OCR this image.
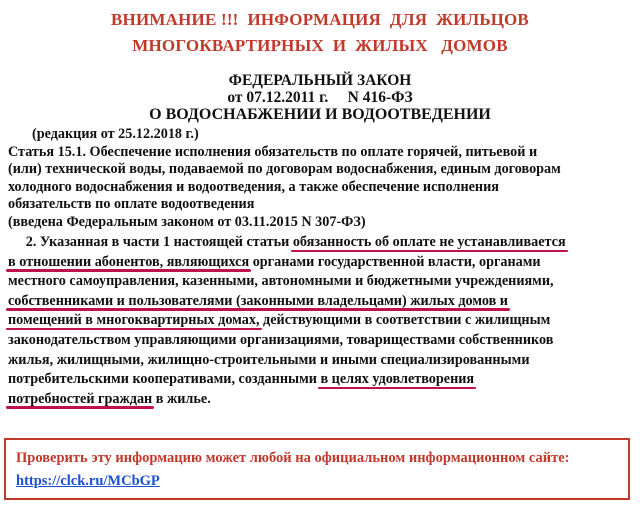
ВНИМАНИЕ !!!  ИНФОРМАЦИЯ  ДЛЯ  ЖИЛЬЦОВ
МНОГОКВАРТИРНЫХ  И  ЖИЛЫХ   ДОМОВ
ФЕДЕРАЛЬНЫЙ ЗАКОН
от 07.12.2011 г.     N 416-ФЗ
О ВОДОСНАБЖЕНИИ И ВОДООТВЕДЕНИИ
(редакция от 25.12.2018 г.)
Статья 15.1. Обеспечение исполнения обязательств по оплате горячей, питьевой и
(или) технической воды, подаваемой по договорам водоснабжения, единым договорам
холодного водоснабжения и водоотведения, а также обеспечение исполнения
обязательств по оплате водоотведения
(введена Федеральным законом от 03.11.2015 N 307-ФЗ)
2. Указанная в части 1 настоящей статьи обязанность об оплате не устанавливается
в отношении абонентов, являющихся органами государственной власти, органами
местного самоуправления, казенными, автономными и бюджетными учреждениями,
собственниками и пользователями (законными владельцами) жилых домов и
помещений в многоквартирных домах, действующими в соответствии с жилищным
законодательством управляющими организациями, товариществами собственников
жилья, жилищными, жилищно-строительными и иными специализированными
потребительскими кооперативами, созданными в целях удовлетворения
потребностей граждан в жилье.
Проверить эту информацию может любой на официальном информационном сайте:
https://clck.ru/MCbGP
